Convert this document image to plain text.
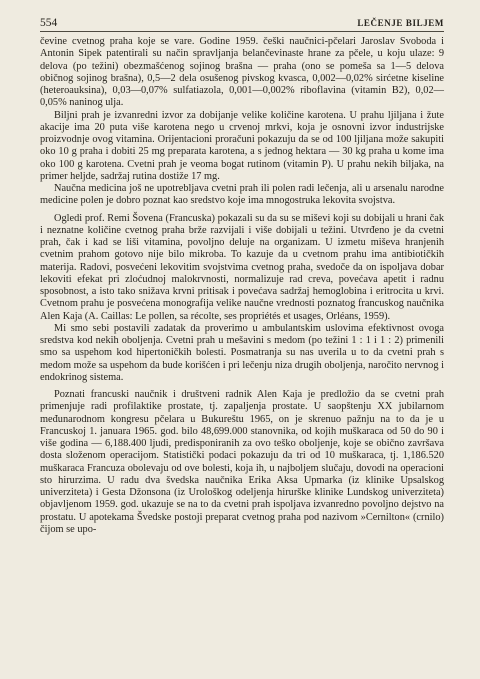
554	LEČENJE BILJEM

čevine cvetnog praha koje se vare. Godine 1959. češki naučnici-pčelari Jaroslav Svoboda i Antonin Sipek patentirali su način spravljanja belančevinaste hrane za pčele, u koju ulaze: 9 delova (po težini) obezmašćenog sojinog brašna — praha (ono se pomeša sa 1—5 delova običnog sojinog brašna), 0,5—2 dela osušenog pivskog kvasca, 0,002—0,02% sirćetne kiseline (heteroauksina), 0,03—0,07% sulfatiazola, 0,001—0,002% riboflavina (vitamin B2), 0,02—0,05% naninog ulja.

Biljni prah je izvanredni izvor za dobijanje velike količine karotena. U prahu ljiljana i žute akacije ima 20 puta više karotena nego u crvenoj mrkvi, koja je osnovni izvor industrijske proizvodnje ovog vitamina. Orijentacioni proračuni pokazuju da se od 100 ljiljana može sakupiti oko 10 g praha i dobiti 25 mg preparata karotena, a s jednog hektara — 30 kg praha u kome ima oko 100 g karotena. Cvetni prah je veoma bogat rutinom (vitamin P). U prahu nekih biljaka, na primer heljde, sadržaj rutina dostiže 17 mg.

Naučna medicina još ne upotrebljava cvetni prah ili polen radi lečenja, ali u arsenalu narodne medicine polen je dobro poznat kao sredstvo koje ima mnogostruka lekovita svojstva.

Ogledi prof. Remi Šovena (Francuska) pokazali su da su se miševi koji su dobijali u hrani čak i neznatne količine cvetnog praha brže razvijali i više dobijali u težini. Utvrđeno je da cvetni prah, čak i kad se liši vitamina, povoljno deluje na organizam. U izmetu miševa hranjenih cvetnim prahom gotovo nije bilo mikroba. To kazuje da u cvetnom prahu ima antibiotičkih materija. Radovi, posvećeni lekovitim svojstvima cvetnog praha, svedoče da on ispoljava dobar lekoviti efekat pri zloćudnoj malokrvnosti, normalizuje rad creva, povećava apetit i radnu sposobnost, a isto tako snižava krvni pritisak i povećava sadržaj hemoglobina i eritrocita u krvi. Cvetnom prahu je posvećena monografija velike naučne vrednosti poznatog francuskog naučnika Alen Kaja (A. Caillas: Le pollen, sa récolte, ses propriétés et usages, Orléans, 1959).

Mi smo sebi postavili zadatak da proverimo u ambulantskim uslovima efektivnost ovoga sredstva kod nekih oboljenja. Cvetni prah u mešavini s medom (po težini 1 : 1 i 1 : 2) primenili smo sa uspehom kod hipertoničkih bolesti. Posmatranja su nas uverila u to da cvetni prah s medom može sa uspehom da bude korišćen i pri lečenju niza drugih oboljenja, naročito nervnog i endokrinog sistema.

Poznati francuski naučnik i društveni radnik Alen Kaja je predložio da se cvetni prah primenjuje radi profilaktike prostate, tj. zapaljenja prostate. U saopštenju XX jubilarnom međunarodnom kongresu pčelara u Bukureštu 1965, on je skrenuo pažnju na to da je u Francuskoj 1. januara 1965. god. bilo 48,699.000 stanovnika, od kojih muškaraca od 50 do 90 i više godina — 6,188.400 ljudi, predisponiranih za ovo teško oboljenje, koje se obično završava dosta složenom operacijom. Statistički podaci pokazuju da tri od 10 muškaraca, tj. 1,186.520 muškaraca Francuza obolevaju od ove bolesti, koja ih, u najboljem slučaju, dovodi na operacioni sto hirurzima. U radu dva švedska naučnika Erika Aksa Upmarka (iz klinike Upsalskog univerziteta) i Gesta Džonsona (iz Urološkog odeljenja hirurške klinike Lundskog univerziteta) objavljenom 1959. god. ukazuje se na to da cvetni prah ispoljava izvanredno povoljno dejstvo na prostatu. U apotekama Švedske postoji preparat cvetnog praha pod nazivom »Cernilton« (crnilo) čijom se upo-
